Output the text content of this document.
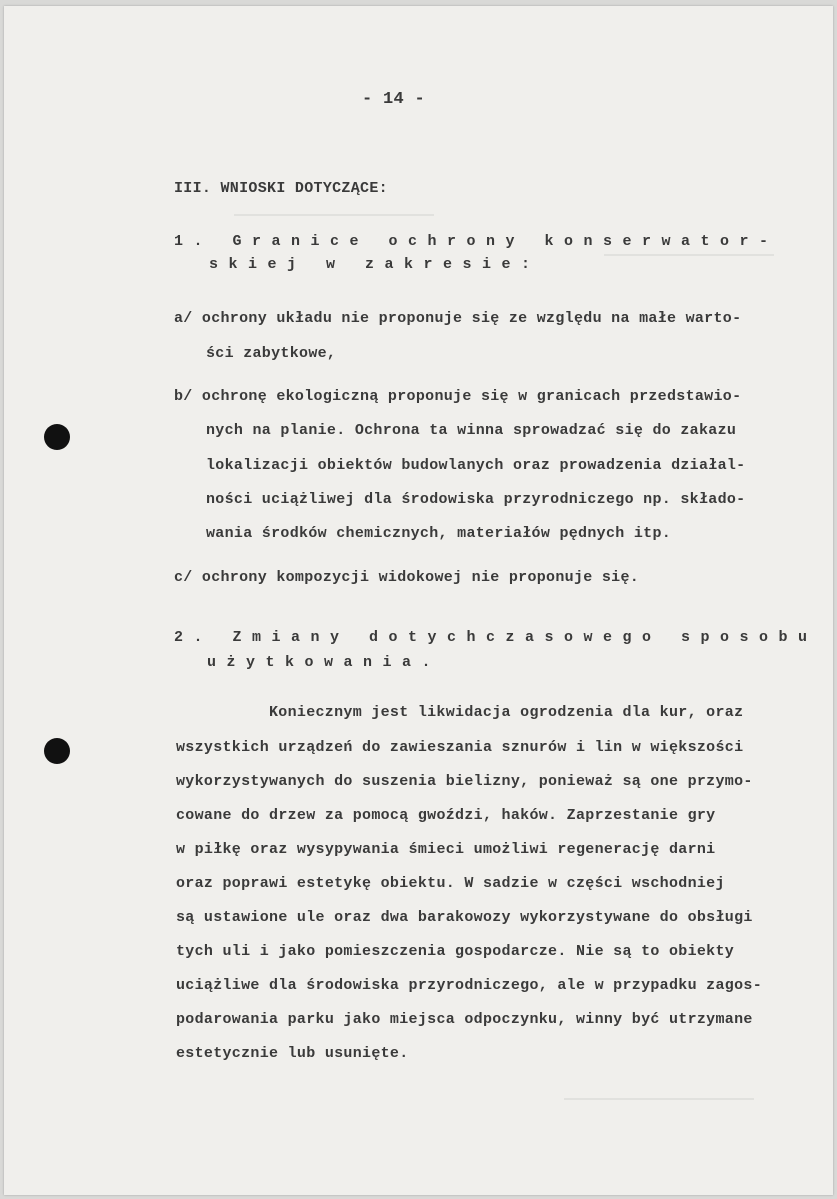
- 14 -
III. WNIOSKI DOTYCZĄCE:
1. Granice ochrony konserwator-
skiej w zakresie:
a/ ochrony układu nie proponuje się ze względu na małe warto-
ści zabytkowe,
b/ ochronę ekologiczną proponuje się w granicach przedstawio-
nych na planie. Ochrona ta winna sprowadzać się do zakazu
lokalizacji obiektów budowlanych oraz prowadzenia działal-
ności uciążliwej dla środowiska przyrodniczego np. składo-
wania środków chemicznych, materiałów pędnych itp.
c/ ochrony kompozycji widokowej nie proponuje się.
2. Zmiany dotychczasowego sposobu
użytkowania.
Koniecznym jest likwidacja ogrodzenia dla kur, oraz
wszystkich urządzeń do zawieszania sznurów i lin w większości
wykorzystywanych do suszenia bielizny, ponieważ są one przymo-
cowane do drzew za pomocą gwoździ, haków. Zaprzestanie gry
w piłkę oraz wysypywania śmieci umożliwi regenerację darni
oraz poprawi estetykę obiektu. W sadzie w części wschodniej
są ustawione ule oraz dwa barakowozy wykorzystywane do obsługi
tych uli i jako pomieszczenia gospodarcze. Nie są to obiekty
uciążliwe dla środowiska przyrodniczego, ale w przypadku zagos-
podarowania parku jako miejsca odpoczynku, winny być utrzymane
estetycznie lub usunięte.
